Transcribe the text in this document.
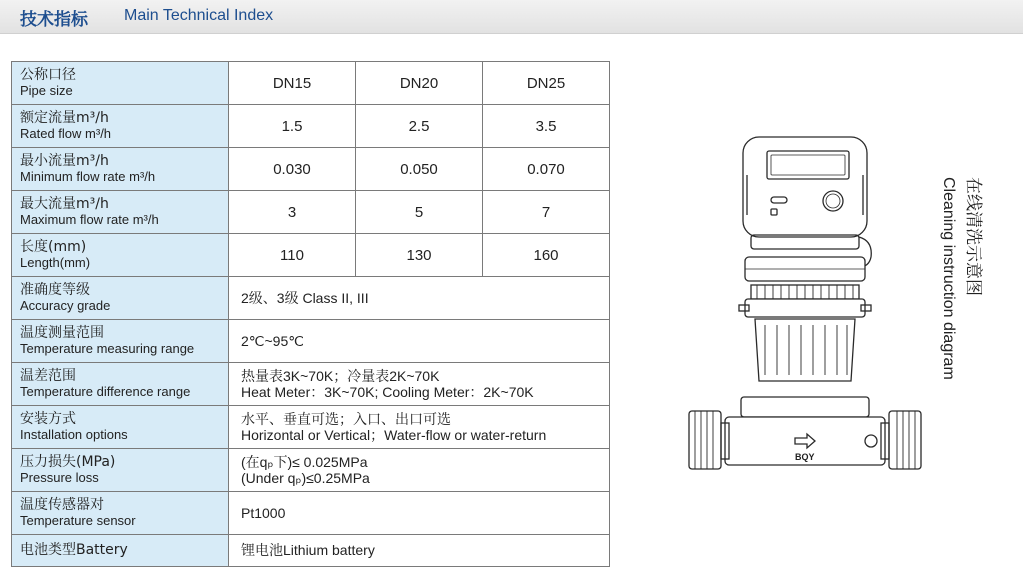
技术指标 Main Technical Index
公称口径
Pipe size	DN15	DN20	DN25

额定流量m³/h
Rated flow m³/h	1.5	2.5	3.5

最小流量m³/h
Minimum flow rate m³/h	0.030	0.050	0.070

最大流量m³/h
Maximum flow rate m³/h	3	5	7

长度(mm)
Length(mm)	110	130	160

准确度等级
Accuracy grade	2级、3级 Class II, III		

温度测量范围
Temperature measuring range	2℃~95℃		

温差范围
Temperature difference range	热量表3K~70K；冷量表2K~70K
Heat Meter：3K~70K; Cooling Meter：2K~70K		

安装方式
Installation options	水平、垂直可选；入口、出口可选
Horizontal or Vertical；Water-flow or water-return		

压力损失(MPa)
Pressure loss	(在qₚ下)≤ 0.025MPa
(Under qₚ)≤0.25MPa		

温度传感器对
Temperature sensor	Pt1000		

电池类型Battery	锂电池Lithium battery		
BQY
在线清洗示意图
Cleaning instruction diagram
